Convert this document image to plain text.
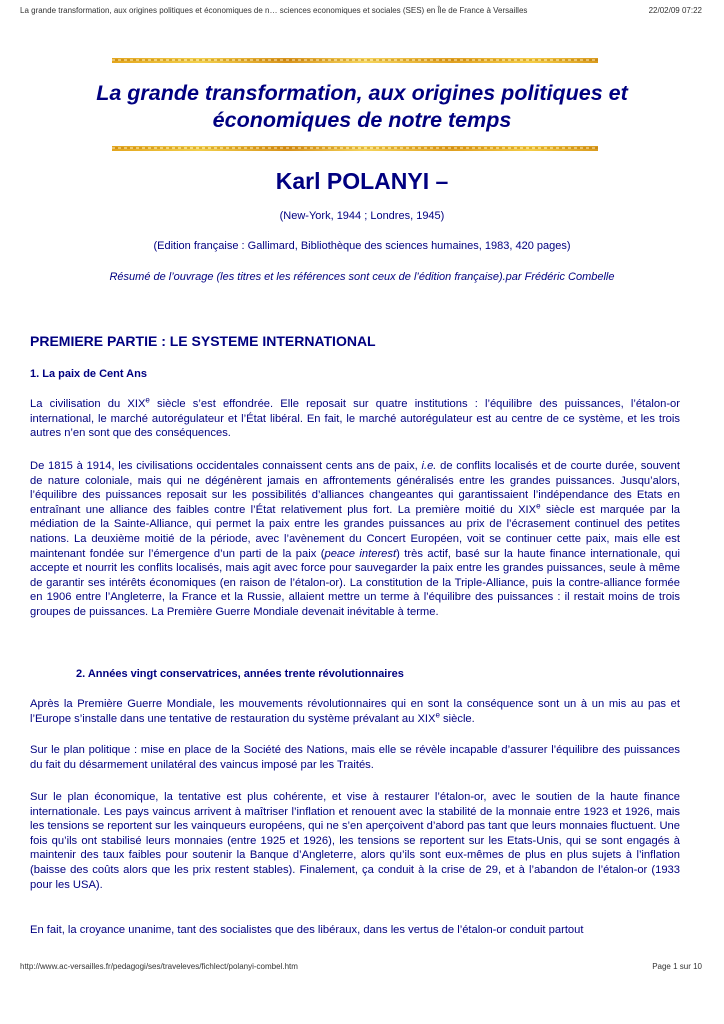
La grande transformation, aux origines politiques et économiques de n… sciences economiques et sociales (SES) en Île de France à Versailles	22/02/09 07:22
La grande transformation, aux origines politiques et
économiques de notre temps
Karl POLANYI –
(New-York, 1944 ; Londres, 1945)
(Edition française : Gallimard, Bibliothèque des sciences humaines, 1983, 420 pages)
Résumé de l’ouvrage (les titres et les références sont ceux de l’édition française).par Frédéric Combelle
PREMIERE PARTIE : LE SYSTEME INTERNATIONAL
1. La paix de Cent Ans

La civilisation du XIXe siècle s’est effondrée. Elle reposait sur quatre institutions : l’équilibre des puissances, l’étalon-or international, le marché autorégulateur et l’État libéral. En fait, le marché autorégulateur est au centre de ce système, et les trois autres n’en sont que des conséquences.

De 1815 à 1914, les civilisations occidentales connaissent cents ans de paix, i.e. de conflits localisés et de courte durée, souvent de nature coloniale, mais qui ne dégénèrent jamais en affrontements généralisés entre les grandes puissances. Jusqu’alors, l’équilibre des puissances reposait sur les possibilités d’alliances changeantes qui garantissaient l’indépendance des Etats en entraînant une alliance des faibles contre l’État relativement plus fort. La première moitié du XIXe siècle est marquée par la médiation de la Sainte-Alliance, qui permet la paix entre les grandes puissances au prix de l’écrasement continuel des petites nations. La deuxième moitié de la période, avec l’avènement du Concert Européen, voit se continuer cette paix, mais elle est maintenant fondée sur l’émergence d’un parti de la paix (peace interest) très actif, basé sur la haute finance internationale, qui accepte et nourrit les conflits localisés, mais agit avec force pour sauvegarder la paix entre les grandes puissances, seule à même de garantir ses intérêts économiques (en raison de l’étalon-or). La constitution de la Triple-Alliance, puis la contre-alliance formée en 1906 entre l’Angleterre, la France et la Russie, allaient mettre un terme à l’équilibre des puissances : il restait moins de trois groupes de puissances. La Première Guerre Mondiale devenait inévitable à terme.

2. Années vingt conservatrices, années trente révolutionnaires

Après la Première Guerre Mondiale, les mouvements révolutionnaires qui en sont la conséquence sont un à un mis au pas et l’Europe s’installe dans une tentative de restauration du système prévalant au XIXe siècle.

Sur le plan politique : mise en place de la Société des Nations, mais elle se révèle incapable d’assurer l’équilibre des puissances du fait du désarmement unilatéral des vaincus imposé par les Traités.

Sur le plan économique, la tentative est plus cohérente, et vise à restaurer l’étalon-or, avec le soutien de la haute finance internationale. Les pays vaincus arrivent à maîtriser l’inflation et renouent avec la stabilité de la monnaie entre 1923 et 1926, mais les tensions se reportent sur les vainqueurs européens, qui ne s’en aperçoivent d’abord pas tant que leurs monnaies fluctuent. Une fois qu’ils ont stabilisé leurs monnaies (entre 1925 et 1926), les tensions se reportent sur les Etats-Unis, qui se sont engagés à maintenir des taux faibles pour soutenir la Banque d’Angleterre, alors qu’ils sont eux-mêmes de plus en plus sujets à l’inflation (baisse des coûts alors que les prix restent stables). Finalement, ça conduit à la crise de 29, et à l’abandon de l’étalon-or (1933 pour les USA).

En fait, la croyance unanime, tant des socialistes que des libéraux, dans les vertus de l’étalon-or conduit partout

http://www.ac-versailles.fr/pedagogi/ses/traveleves/fichlect/polanyi-combel.htm	Page 1 sur 10
